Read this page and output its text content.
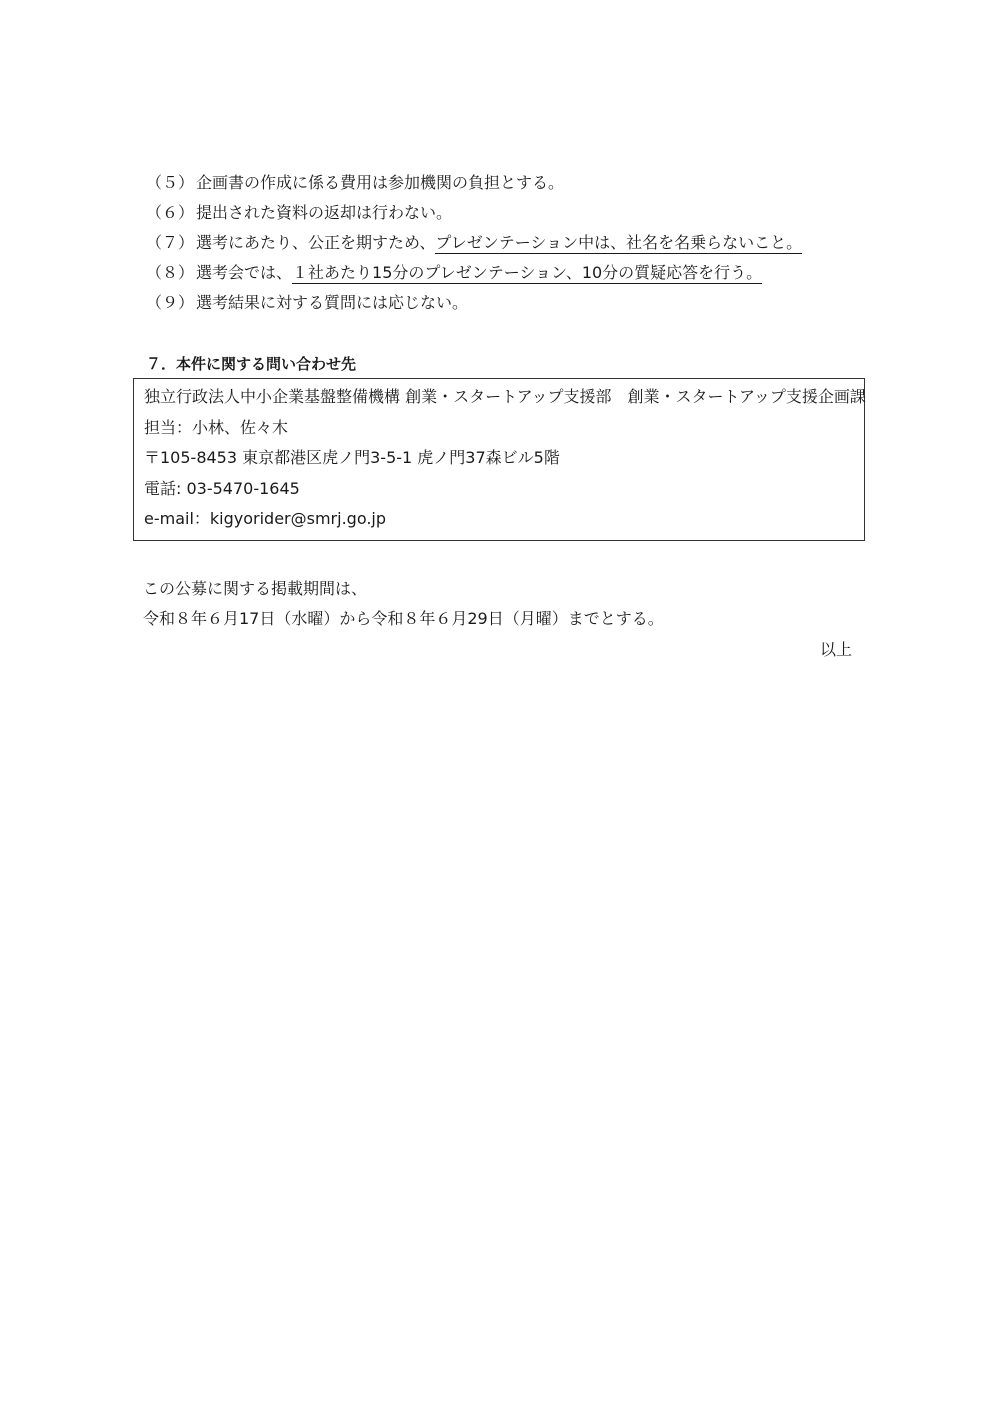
（５） 企画書の作成に係る費用は参加機関の負担とする。
（６） 提出された資料の返却は行わない。
（７） 選考にあたり、公正を期すため、プレゼンテーション中は、社名を名乗らないこと。
（８） 選考会では、１社あたり15分のプレゼンテーション、10分の質疑応答を行う。
（９） 選考結果に対する質問には応じない。
７．本件に関する問い合わせ先
独立行政法人中小企業基盤整備機構 創業・スタートアップ支援部　創業・スタートアップ支援企画課
担当：小林、佐々木
〒105-8453 東京都港区虎ノ門3-5-1 虎ノ門37森ビル5階
電話: 03-5470-1645
e-mail：kigyorider@smrj.go.jp
この公募に関する掲載期間は、
令和８年６月17日（水曜）から令和８年６月29日（月曜）までとする。
以上
